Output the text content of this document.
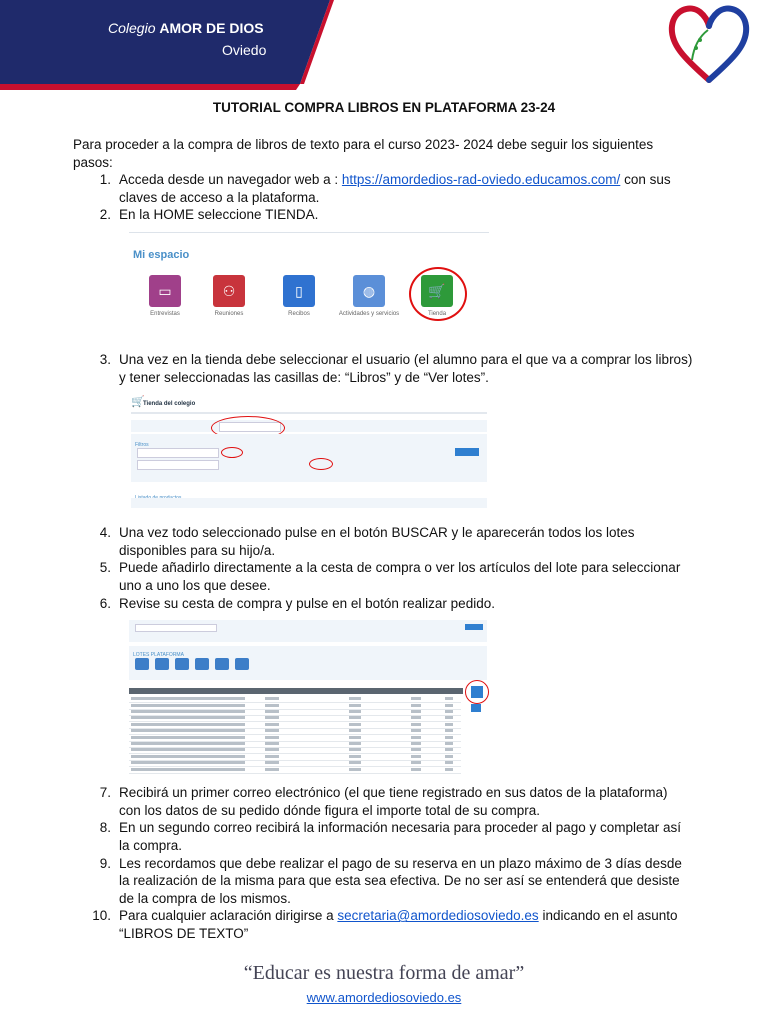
Colegio AMOR DE DIOS
Oviedo
TUTORIAL COMPRA LIBROS EN PLATAFORMA 23-24
Para proceder a la compra de libros de texto para el curso 2023- 2024 debe seguir los siguientes pasos:
1. Acceda desde un navegador web a : https://amordedios-rad-oviedo.educamos.com/ con sus claves de acceso a la plataforma.
2. En la HOME seleccione TIENDA.
Mi espacio
▭	⚇	▯	◍	🛒
Entrevistas	Reuniones	Recibos	Actividades y servicios	Tienda
3. Una vez en la tienda debe seleccionar el usuario (el alumno para el que va a comprar los libros) y tener seleccionadas las casillas de: “Libros” y de “Ver lotes”.
🛒
Tienda del colegio
Filtros
4. Una vez todo seleccionado pulse en el botón BUSCAR y le aparecerán todos los lotes disponibles para su hijo/a.
5. Puede añadirlo directamente a la cesta de compra o ver los artículos del lote para seleccionar uno a uno los que desee.
6. Revise su cesta de compra y pulse en el botón realizar pedido.
LOTES PLATAFORMA
7. Recibirá un primer correo electrónico (el que tiene registrado en sus datos de la plataforma) con los datos de su pedido dónde figura el importe total de su compra.
8. En un segundo correo recibirá la información necesaria para proceder al pago y completar así la compra.
9. Les recordamos que debe realizar el pago de su reserva en un plazo máximo de 3 días desde la realización de la misma para que esta sea efectiva. De no ser así se entenderá que desiste de la compra de los mismos.
10. Para cualquier aclaración dirigirse a secretaria@amordediosoviedo.es indicando en el asunto “LIBROS DE TEXTO”
“Educar es nuestra forma de amar”
www.amordediosoviedo.es
